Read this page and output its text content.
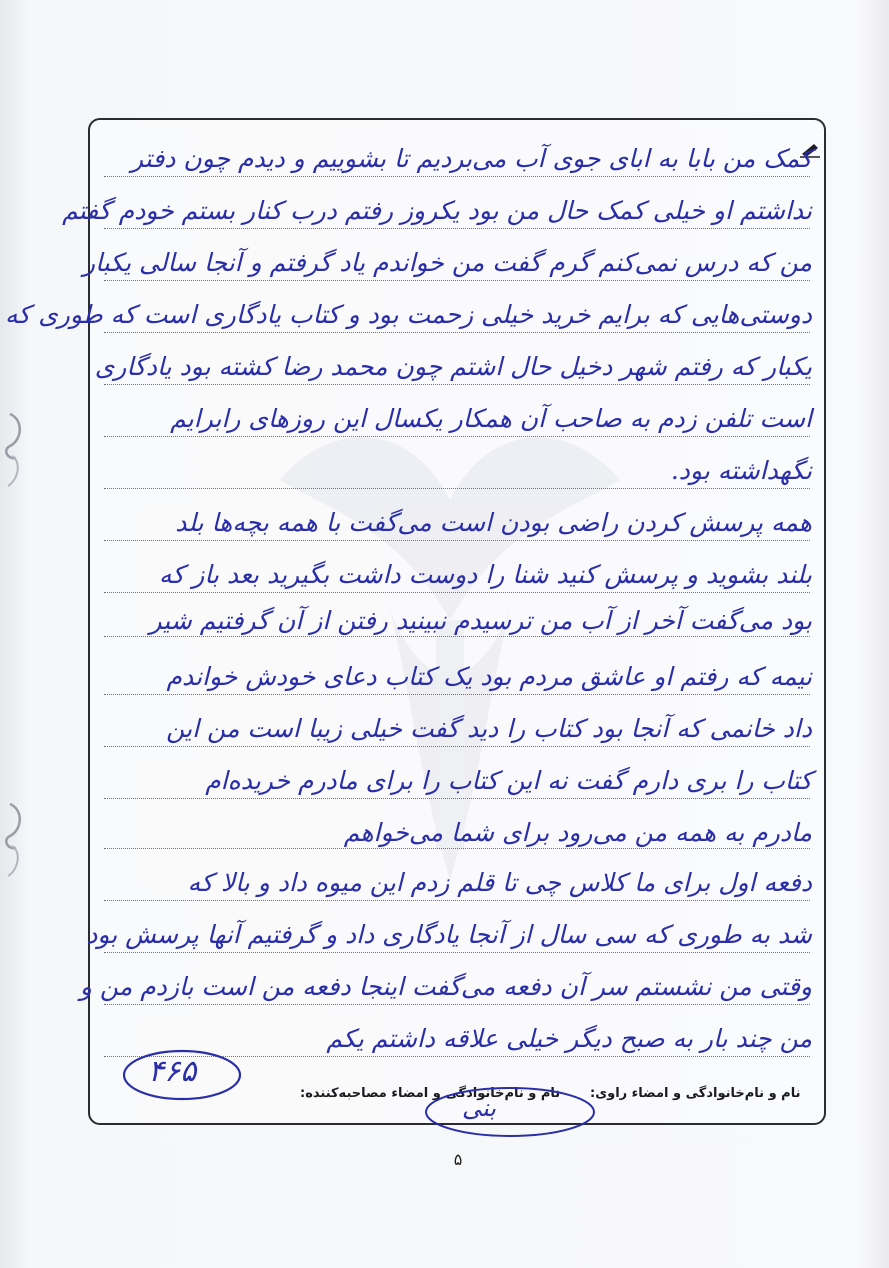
کمک من بابا به ابای جوی آب می‌بردیم تا بشوییم و دیدم چون دفتر
نداشتم او خیلی کمک حال من بود یکروز رفتم درب کنار بستم خودم گفتم
من که درس نمی‌کنم گرم گفت من خواندم یاد گرفتم و آنجا سالی یکبار
دوستی‌هایی که برایم خرید خیلی زحمت بود و کتاب یادگاری است که طوری که
یکبار که رفتم شهر دخیل حال اشتم چون محمد رضا کشته بود یادگاری
است تلفن زدم به صاحب آن همکار یکسال این روزهای رابرایم
نگهداشته بود.
همه پرسش کردن راضی بودن است می‌گفت با همه بچه‌ها بلد
بلند بشوید و پرسش کنید شنا را دوست داشت بگیرید بعد باز که
بود می‌گفت آخر از آب من ترسیدم نبینید رفتن از آن گرفتیم شیر
نیمه که رفتم او عاشق مردم بود یک کتاب دعای خودش خواندم
داد خانمی که آنجا بود کتاب را دید گفت خیلی زیبا است من این
کتاب را بری دارم گفت نه این کتاب را برای مادرم خریده‌ام
مادرم به همه من می‌رود برای شما می‌خواهم
دفعه اول برای ما کلاس چی تا قلم زدم این میوه داد و بالا که
شد به طوری که سی سال از آنجا یادگاری داد و گرفتیم آنها پرسش بود
وقتی من نشستم سر آن دفعه می‌گفت اینجا دفعه من است بازدم من و
من چند بار به صبح دیگر خیلی علاقه داشتم یکم
نام و نام‌خانوادگی و امضاء راوی:
نام و نام‌خانوادگی و امضاء مصاحبه‌کننده:
۴۶۵
بنی
۵
